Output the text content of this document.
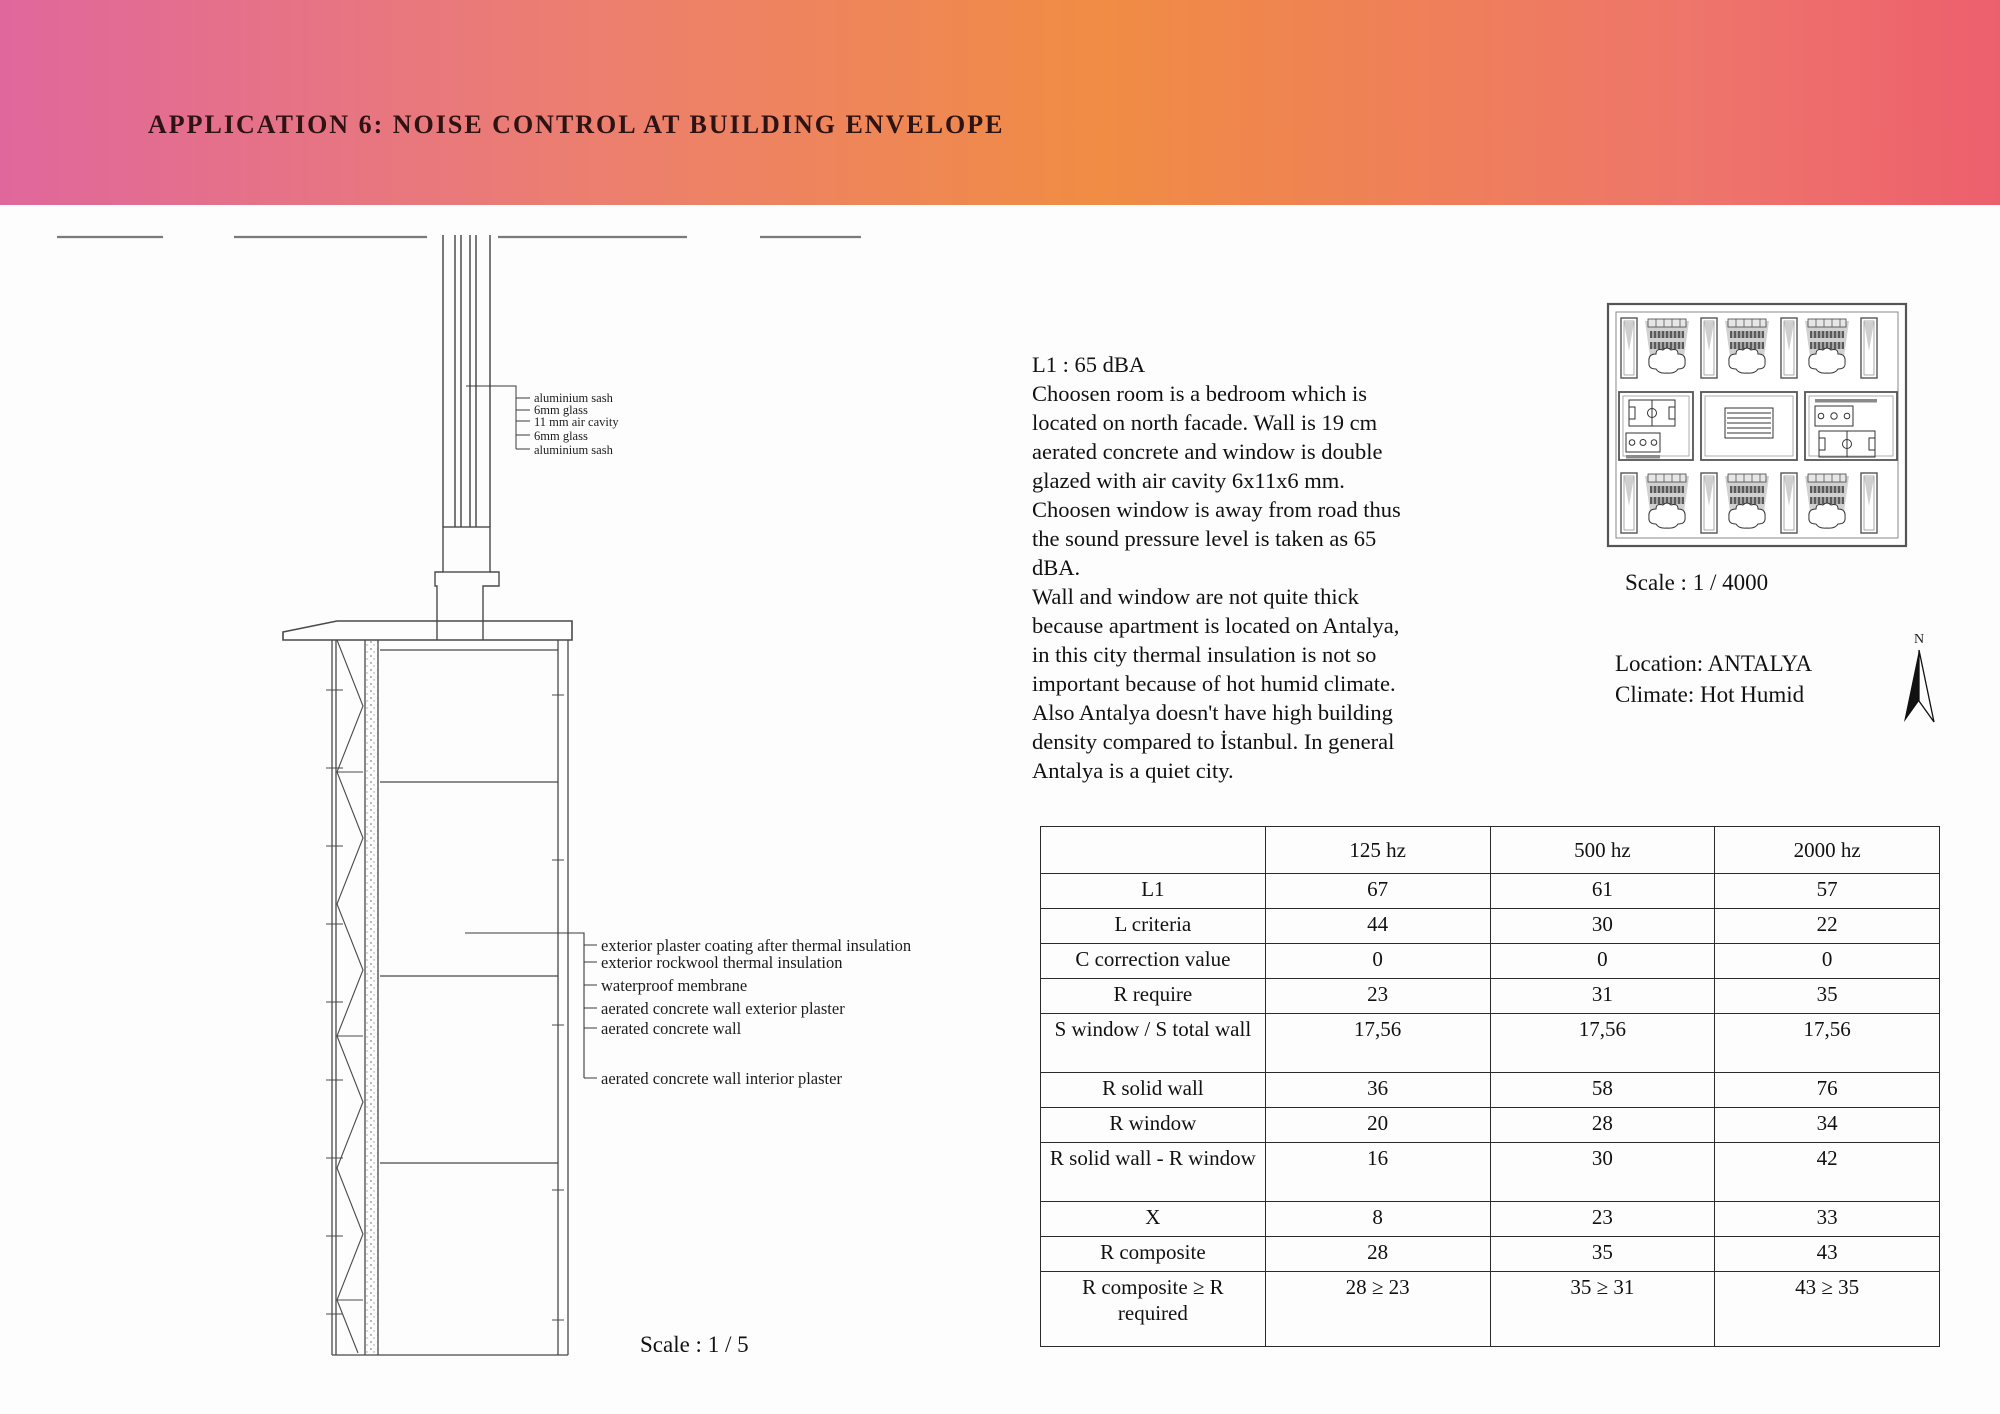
APPLICATION 6: NOISE CONTROL AT BUILDING ENVELOPE
aluminium sash
6mm glass
11 mm air cavity
6mm glass
aluminium sash
exterior plaster coating after thermal insulation
exterior rockwool thermal insulation
waterproof membrane
aerated concrete wall exterior plaster
aerated concrete wall
aerated concrete wall interior plaster
Scale : 1 / 5
L1 : 65 dBA
Choosen room is a bedroom which is
located on north facade. Wall is 19 cm
aerated concrete and window is double
glazed with air cavity 6x11x6 mm.
Choosen window is away from road thus
the sound pressure level is taken as 65
dBA.
Wall and window are not quite thick
because apartment is located on Antalya,
in this city thermal insulation is not so
important because of hot humid climate.
Also Antalya doesn't have high building
density compared to İstanbul. In general
Antalya is a quiet city.
Scale : 1 / 4000
Location: ANTALYA
Climate: Hot Humid
N
	125 hz	500 hz	2000 hz
L1	67	61	57
L criteria	44	30	22
C correction value	0	0	0
R require	23	31	35
S window / S total wall	17,56	17,56	17,56
R solid wall	36	58	76
R window	20	28	34
R solid wall - R window	16	30	42
X	8	23	33
R composite	28	35	43
R composite ≥ R required	28 ≥ 23	35 ≥ 31	43 ≥ 35
